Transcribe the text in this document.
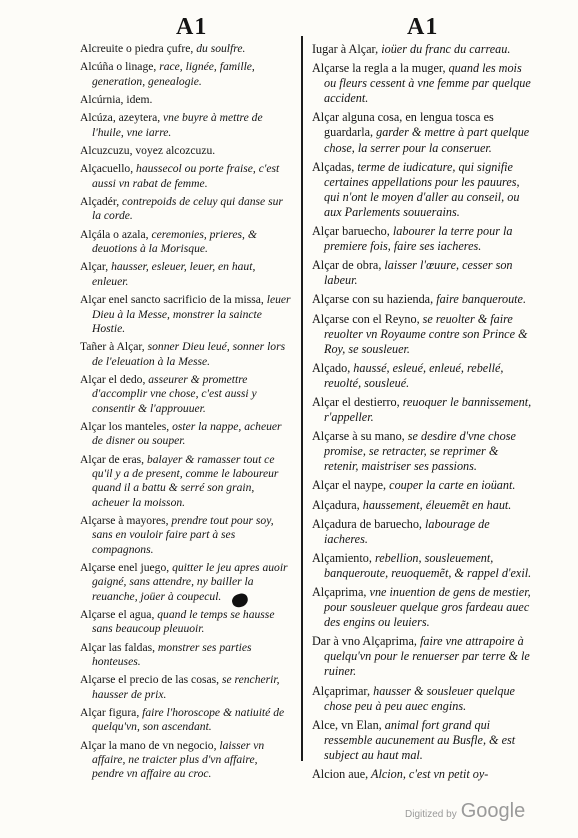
A1	A1
Alcreuite o piedra çufre, du soulfre.
Alcúña o linage, race, lignée, famille, generation, genealogie.
Alcúrnia, idem.
Alcúza, azeytera, vne buyre à mettre de l'huile, vne iarre.
Alcuzcuzu, voyez alcozcuzu.
Alçacuello, haussecol ou porte fraise, c'est aussi vn rabat de femme.
Alçadér, contrepoids de celuy qui danse sur la corde.
Alçála o azala, ceremonies, prieres, & deuotions à la Morisque.
Alçar, hausser, esleuer, leuer, en haut, enleuer.
Alçar enel sancto sacrificio de la missa, leuer Dieu à la Messe, monstrer la saincte Hostie.
Tañer à Alçar, sonner Dieu leué, sonner lors de l'eleuation à la Messe.
Alçar el dedo, asseurer & promettre d'accomplir vne chose, c'est aussi y consentir & l'approuuer.
Alçar los manteles, oster la nappe, acheuer de disner ou souper.
Alçar de eras, balayer & ramasser tout ce qu'il y a de present, comme le laboureur quand il a battu & serré son grain, acheuer la moisson.
Alçarse à mayores, prendre tout pour soy, sans en vouloir faire part à ses compagnons.
Alçarse enel juego, quitter le jeu apres auoir gaigné, sans attendre, ny bailler la reuanche, joüer à coupecul.
Alçarse el agua, quand le temps se hausse sans beaucoup pleuuoir.
Alçar las faldas, monstrer ses parties honteuses.
Alçarse el precio de las cosas, se rencherir, hausser de prix.
Alçar figura, faire l'horoscope & natiuité de quelqu'vn, son ascendant.
Alçar la mano de vn negocio, laisser vn affaire, ne traicter plus d'vn affaire, pendre vn affaire au croc.
Iugar à Alçar, ioüer du franc du carreau.
Alçarse la regla a la muger, quand les mois ou fleurs cessent à vne femme par quelque accident.
Alçar alguna cosa, en lengua tosca es guardarla, garder & mettre à part quelque chose, la serrer pour la conseruer.
Alçadas, terme de iudicature, qui signifie certaines appellations pour les pauures, qui n'ont le moyen d'aller au conseil, ou aux Parlements souuerains.
Alçar baruecho, labourer la terre pour la premiere fois, faire ses iacheres.
Alçar de obra, laisser l'œuure, cesser son labeur.
Alçarse con su hazienda, faire banqueroute.
Alçarse con el Reyno, se reuolter & faire reuolter vn Royaume contre son Prince & Roy, se sousleuer.
Alçado, haussé, esleué, enleué, rebellé, reuolté, sousleué.
Alçar el destierro, reuoquer le bannissement, r'appeller.
Alçarse à su mano, se desdire d'vne chose promise, se retracter, se reprimer & retenir, maistriser ses passions.
Alçar el naype, couper la carte en ioüant.
Alçadura, haussement, éleuemẽt en haut.
Alçadura de baruecho, labourage de iacheres.
Alçamiento, rebellion, sousleuement, banqueroute, reuoquemẽt, & rappel d'exil.
Alçaprima, vne inuention de gens de mestier, pour sousleuer quelque gros fardeau auec des engins ou leuiers.
Dar à vno Alçaprima, faire vne attrapoire à quelqu'vn pour le renuerser par terre & le ruiner.
Alçaprimar, hausser & sousleuer quelque chose peu à peu auec engins.
Alce, vn Elan, animal fort grand qui ressemble aucunement au Busfle, & est subject au haut mal.
Alcion aue, Alcion, c'est vn petit oy-
Digitized by Google
